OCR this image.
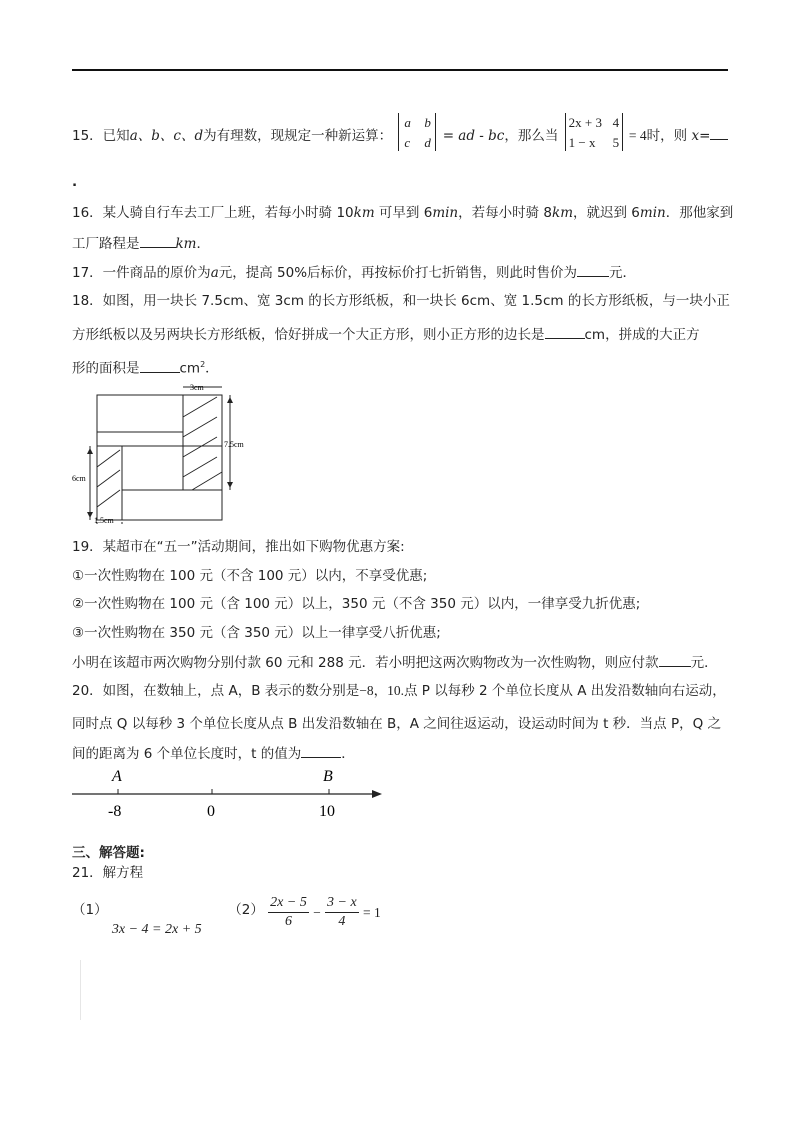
15．已知a、b、c、d为有理数，现规定一种新运算：
a b
c d = ad - bc，那么当
2x + 3 4
1 − x 5 = 4时，则 x=
.
16．某人骑自行车去工厂上班，若每小时骑 10km 可早到 6min，若每小时骑 8km，就迟到 6min．那他家到
工厂路程是	km．
17．一件商品的原价为a元，提高 50%后标价，再按标价打七折销售，则此时售价为 元．
18．如图，用一块长 7.5cm、宽 3cm 的长方形纸板，和一块长 6cm、宽 1.5cm 的长方形纸板，与一块小正
方形纸板以及另两块长方形纸板，恰好拼成一个大正方形，则小正方形的边长是	cm，拼成的大正方
形的面积是	$cm^2$．
3cm
7.5cm
6cm
1.5cm
19．某超市在“五一”活动期间，推出如下购物优惠方案:
①一次性购物在 100 元（不含 100 元）以内，不享受优惠;
②一次性购物在 100 元（含 100 元）以上，350 元（不含 350 元）以内，一律享受九折优惠;
③一次性购物在 350 元（含 350 元）以上一律享受八折优惠;
小明在该超市两次购物分别付款 60 元和 288 元．若小明把这两次购物改为一次性购物，则应付款 元．
20．如图，在数轴上，点 A，B 表示的数分别是−8，10.点 P 以每秒 2 个单位长度从 A 出发沿数轴向右运动，
同时点 Q 以每秒 3 个单位长度从点 B 出发沿数轴在 B，A 之间往返运动，设运动时间为 t 秒．当点 P，Q 之
间的距离为 6 个单位长度时，t 的值为	．
A	B
-8	0	10
三、解答题:
21．解方程
（1） 3x − 4 = 2x + 5  $(2) \frac{2x - 5}{6} - \frac{3 - x}{4} = 1$
